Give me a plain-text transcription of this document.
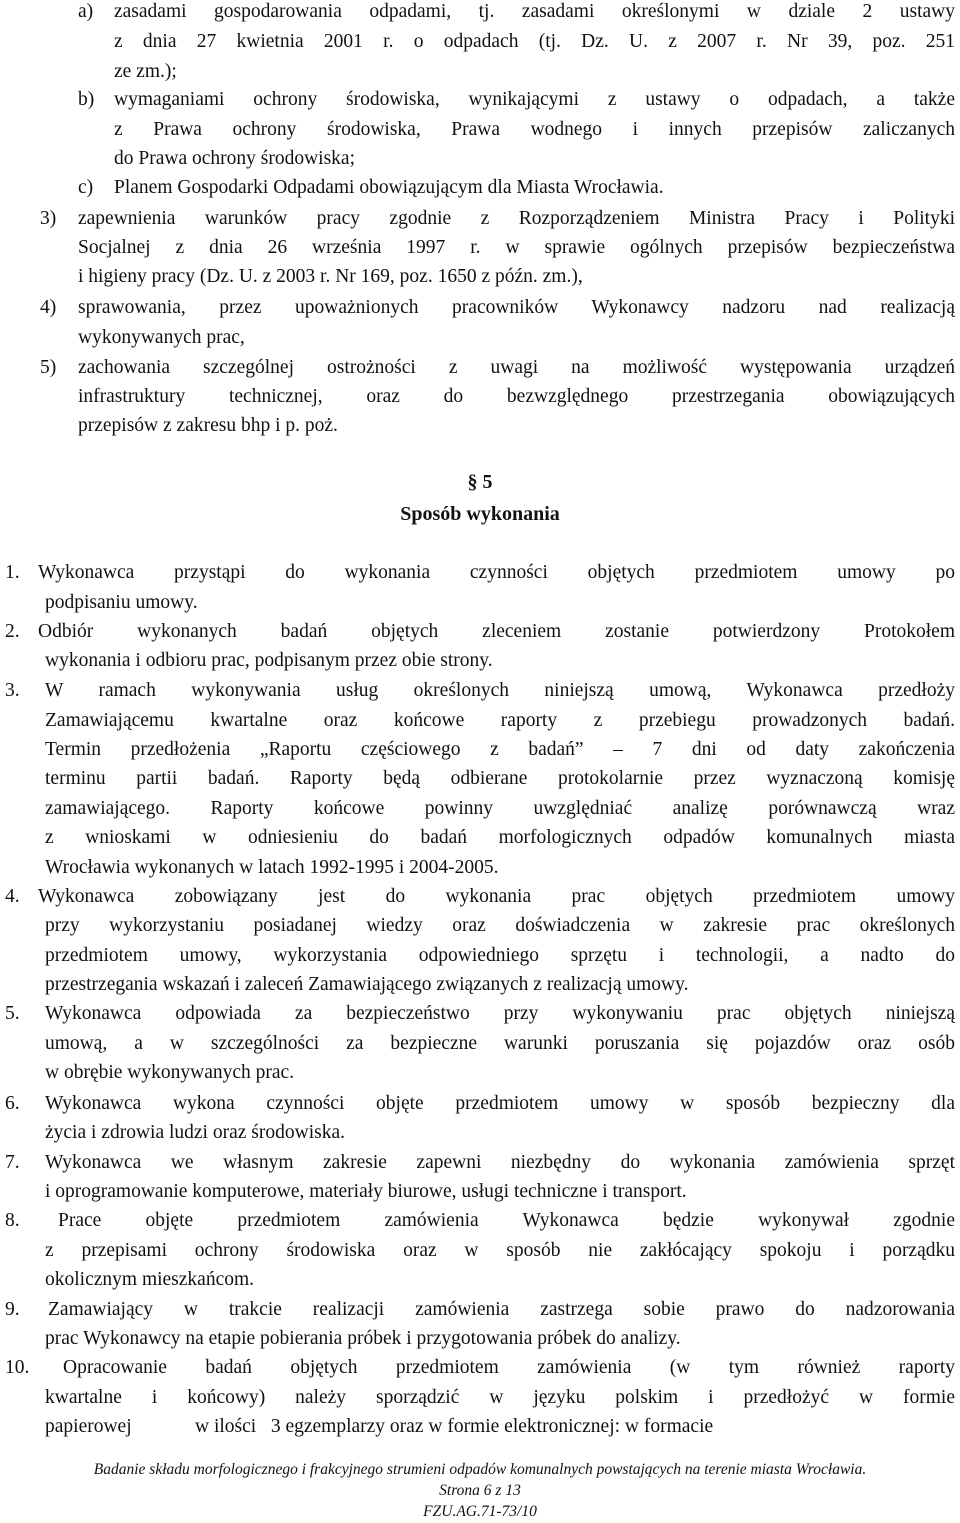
a) zasadami gospodarowania odpadami, tj. zasadami określonymi w dziale 2 ustawy
z dnia 27 kwietnia 2001 r. o odpadach (tj. Dz. U. z 2007 r. Nr 39, poz. 251
ze zm.);
b) wymaganiami ochrony środowiska, wynikającymi z ustawy o odpadach, a także
z Prawa ochrony środowiska, Prawa wodnego i innych przepisów zaliczanych
do Prawa ochrony środowiska;
c) Planem Gospodarki Odpadami obowiązującym dla Miasta Wrocławia.
3) zapewnienia warunków pracy zgodnie z Rozporządzeniem Ministra Pracy i Polityki
Socjalnej z dnia 26 września 1997 r. w sprawie ogólnych przepisów bezpieczeństwa
i higieny pracy (Dz. U. z 2003 r. Nr 169, poz. 1650 z późn. zm.),
4) sprawowania, przez upoważnionych pracowników Wykonawcy nadzoru nad realizacją
wykonywanych prac,
5) zachowania szczególnej ostrożności z uwagi na możliwość występowania urządzeń
infrastruktury technicznej, oraz do bezwzględnego przestrzegania obowiązujących
przepisów z zakresu bhp i p. poż.
§ 5
Sposób wykonania
1. Wykonawca przystąpi do wykonania czynności objętych przedmiotem umowy po
podpisaniu umowy.
2. Odbiór wykonanych badań objętych zleceniem zostanie potwierdzony Protokołem
wykonania i odbioru prac, podpisanym przez obie strony.
3. W ramach wykonywania usług określonych niniejszą umową, Wykonawca przedłoży
Zamawiającemu kwartalne oraz końcowe raporty z przebiegu prowadzonych badań.
Termin przedłożenia „Raportu częściowego z badań” – 7 dni od daty zakończenia
terminu partii badań. Raporty będą odbierane protokolarnie przez wyznaczoną komisję
zamawiającego. Raporty końcowe powinny uwzględniać analizę porównawczą wraz
z wnioskami w odniesieniu do badań morfologicznych odpadów komunalnych miasta
Wrocławia wykonanych w latach 1992-1995 i 2004-2005.
4. Wykonawca zobowiązany jest do wykonania prac objętych przedmiotem umowy
przy wykorzystaniu posiadanej wiedzy oraz doświadczenia w zakresie prac określonych
przedmiotem umowy, wykorzystania odpowiedniego sprzętu i technologii, a nadto do
przestrzegania wskazań i zaleceń Zamawiającego związanych z realizacją umowy.
5. Wykonawca odpowiada za bezpieczeństwo przy wykonywaniu prac objętych niniejszą
umową, a w szczególności za bezpieczne warunki poruszania się pojazdów oraz osób
w obrębie wykonywanych prac.
6. Wykonawca wykona czynności objęte przedmiotem umowy w sposób bezpieczny dla
życia i zdrowia ludzi oraz środowiska.
7. Wykonawca we własnym zakresie zapewni niezbędny do wykonania zamówienia sprzęt
i oprogramowanie komputerowe, materiały biurowe, usługi techniczne i transport.
8. Prace objęte przedmiotem zamówienia Wykonawca będzie wykonywał zgodnie
z przepisami ochrony środowiska oraz w sposób nie zakłócający spokoju i porządku
okolicznym mieszkańcom.
9. Zamawiający w trakcie realizacji zamówienia zastrzega sobie prawo do nadzorowania
prac Wykonawcy na etapie pobierania próbek i przygotowania próbek do analizy.
10. Opracowanie badań objętych przedmiotem zamówienia (w tym również raporty
kwartalne i końcowy) należy sporządzić w języku polskim i przedłożyć w formie
papierowej             w ilości   3 egzemplarzy oraz w formie elektronicznej: w formacie
Badanie składu morfologicznego i frakcyjnego strumieni odpadów komunalnych powstających na terenie miasta Wrocławia.
Strona 6 z 13
FZU.AG.71-73/10
